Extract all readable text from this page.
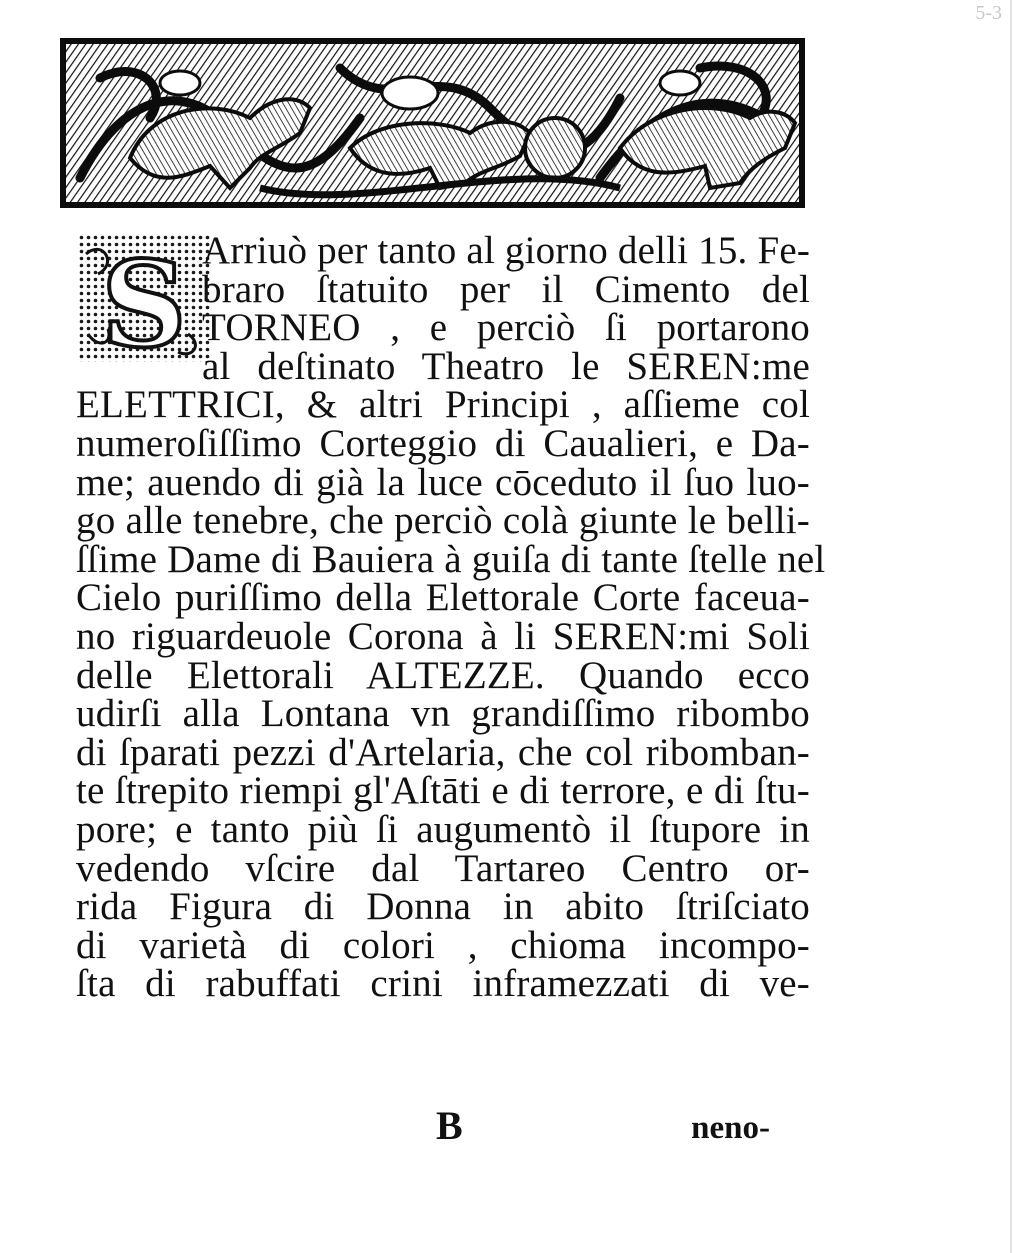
5-3
S Arriuò per tanto al giorno delli 15. Fe-
braro ſtatuito per il Cimento del
TORNEO , e perciò ſi portarono
al deſtinato Theatro le SEREN:me
ELETTRICI, & altri Principi , aſſieme col
numeroſiſſimo Corteggio di Caualieri, e Da-
me; auendo di già la luce cōceduto il ſuo luo-
go alle tenebre, che perciò colà giunte le belli-
ſſime Dame di Bauiera à guiſa di tante ſtelle nel
Cielo puriſſimo della Elettorale Corte faceua-
no riguardeuole Corona à li SEREN:mi Soli
delle Elettorali ALTEZZE. Quando ecco
udirſi alla Lontana vn grandiſſimo ribombo
di ſparati pezzi d'Artelaria, che col ribomban-
te ſtrepito riempi gl'Aſtāti e di terrore, e di ſtu-
pore; e tanto più ſi augumentò il ſtupore in
vedendo vſcire dal Tartareo Centro or-
rida Figura di Donna in abito ſtriſciato
di varietà di colori , chioma incompo-
ſta di rabuffati crini inframezzati di ve-
B	neno-
